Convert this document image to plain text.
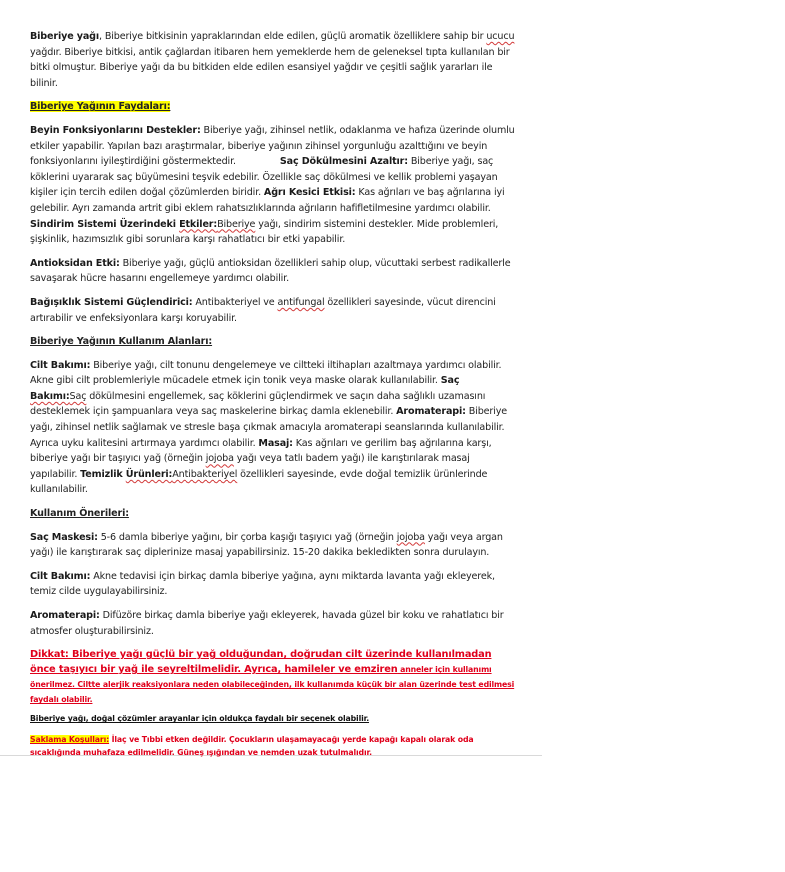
Biberiye yağı, Biberiye bitkisinin yapraklarından elde edilen, güçlü aromatik özelliklere sahip bir ucucu yağdır. Biberiye bitkisi, antik çağlardan itibaren hem yemeklerde hem de geleneksel tıpta kullanılan bir bitki olmuştur. Biberiye yağı da bu bitkiden elde edilen esansiyel yağdır ve çeşitli sağlık yararları ile bilinir.

Biberiye Yağının Faydaları:

Beyin Fonksiyonlarını Destekler: Biberiye yağı, zihinsel netlik, odaklanma ve hafıza üzerinde olumlu etkiler yapabilir. Yapılan bazı araştırmalar, biberiye yağının zihinsel yorgunluğu azalttığını ve beyin fonksiyonlarını iyileştirdiğini göstermektedir.	Saç Dökülmesini Azaltır: Biberiye yağı, saç köklerini uyararak saç büyümesini teşvik edebilir. Özellikle saç dökülmesi ve kellik problemi yaşayan kişiler için tercih edilen doğal çözümlerden biridir. Ağrı Kesici Etkisi: Kas ağrıları ve baş ağrılarına iyi gelebilir. Ayrı zamanda artrit gibi eklem rahatsızlıklarında ağrıların hafifletilmesine yardımcı olabilir. Sindirim Sistemi Üzerindeki Etkiler:Biberiye yağı, sindirim sistemini destekler. Mide problemleri, şişkinlik, hazımsızlık gibi sorunlara karşı rahatlatıcı bir etki yapabilir.

Antioksidan Etki: Biberiye yağı, güçlü antioksidan özellikleri sahip olup, vücuttaki serbest radikallerle savaşarak hücre hasarını engellemeye yardımcı olabilir.

Bağışıklık Sistemi Güçlendirici: Antibakteriyel ve antifungal özellikleri sayesinde, vücut direncini artırabilir ve enfeksiyonlara karşı koruyabilir.

Biberiye Yağının Kullanım Alanları:

Cilt Bakımı: Biberiye yağı, cilt tonunu dengelemeye ve ciltteki iltihapları azaltmaya yardımcı olabilir. Akne gibi cilt problemleriyle mücadele etmek için tonik veya maske olarak kullanılabilir. Saç Bakımı:Saç dökülmesini engellemek, saç köklerini güçlendirmek ve saçın daha sağlıklı uzamasını desteklemek için şampuanlara veya saç maskelerine birkaç damla eklenebilir. Aromaterapi: Biberiye yağı, zihinsel netlik sağlamak ve stresle başa çıkmak amacıyla aromaterapi seanslarında kullanılabilir. Ayrıca uyku kalitesini artırmaya yardımcı olabilir. Masaj: Kas ağrıları ve gerilim baş ağrılarına karşı, biberiye yağı bir taşıyıcı yağ (örneğin jojoba yağı veya tatlı badem yağı) ile karıştırılarak masaj yapılabilir. Temizlik Ürünleri:Antibakteriyel özellikleri sayesinde, evde doğal temizlik ürünlerinde kullanılabilir.

Kullanım Önerileri:

Saç Maskesi: 5-6 damla biberiye yağını, bir çorba kaşığı taşıyıcı yağ (örneğin jojoba yağı veya argan yağı) ile karıştırarak saç diplerinize masaj yapabilirsiniz. 15-20 dakika bekledikten sonra durulayın.

Cilt Bakımı: Akne tedavisi için birkaç damla biberiye yağına, aynı miktarda lavanta yağı ekleyerek, temiz cilde uygulayabilirsiniz.

Aromaterapi: Difüzöre birkaç damla biberiye yağı ekleyerek, havada güzel bir koku ve rahatlatıcı bir atmosfer oluşturabilirsiniz.

Dikkat: Biberiye yağı güçlü bir yağ olduğundan, doğrudan cilt üzerinde kullanılmadan önce taşıyıcı bir yağ ile seyreltilmelidir. Ayrıca, hamileler ve emziren anneler için kullanımı önerilmez. Ciltte alerjik reaksiyonlara neden olabileceğinden, ilk kullanımda küçük bir alan üzerinde test edilmesi faydalı olabilir.

Biberiye yağı, doğal çözümler arayanlar için oldukça faydalı bir seçenek olabilir.

Saklama Koşulları: İlaç ve Tıbbi etken değildir. Çocukların ulaşamayacağı yerde kapağı kapalı olarak oda sıcaklığında muhafaza edilmelidir. Güneş ışığından ve nemden uzak tutulmalıdır.
